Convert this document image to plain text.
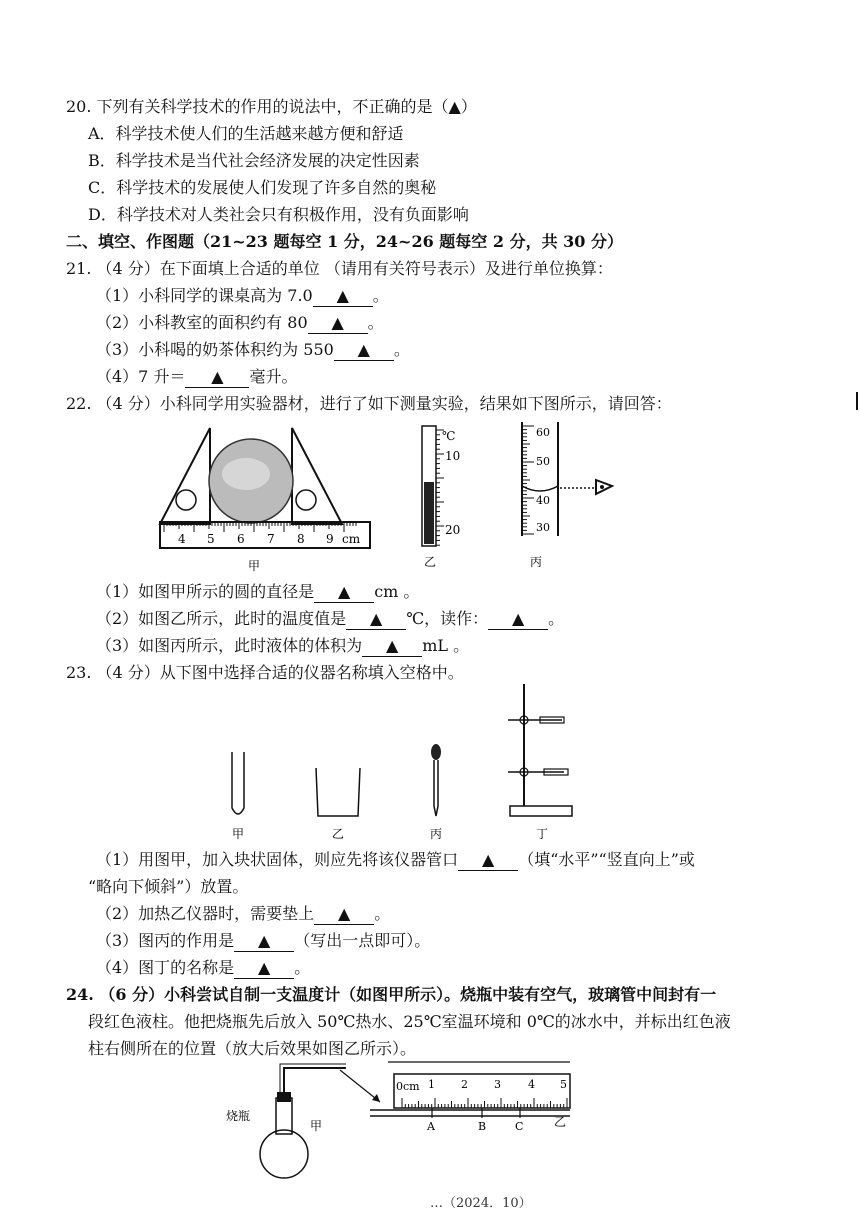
20. 下列有关科学技术的作用的说法中，不正确的是（▲）
A．科学技术使人们的生活越来越方便和舒适
B．科学技术是当代社会经济发展的决定性因素
C．科学技术的发展使人们发现了许多自然的奥秘
D．科学技术对人类社会只有积极作用，没有负面影响
二、填空、作图题（21~23 题每空 1 分，24~26 题每空 2 分，共 30 分）
21. （4 分）在下面填上合适的单位 （请用有关符号表示）及进行单位换算：
（1）小科同学的课桌高为 7.0 ▲ 。
（2）小科教室的面积约有 80 ▲ 。
（3）小科喝的奶茶体积约为 550 ▲ 。
（4）7 升＝ ▲ 毫升。
22. （4 分）小科同学用实验器材，进行了如下测量实验，结果如下图所示，请回答：
4 5 6 7 8 9 cm
甲
℃
10
20
乙
60
50
40
30
丙
（1）如图甲所示的圆的直径是 ▲ cm 。
（2）如图乙所示，此时的温度值是 ▲ ℃，读作： ▲ 。
（3）如图丙所示，此时液体的体积为 ▲ mL 。
23. （4 分）从下图中选择合适的仪器名称填入空格中。
甲	乙	丙	丁
（1）用图甲，加入块状固体，则应先将该仪器管口 ▲ （填“水平”“竖直向上”或
“略向下倾斜”）放置。
（2）加热乙仪器时，需要垫上 ▲ 。
（3）图丙的作用是 ▲ （写出一点即可）。
（4）图丁的名称是 ▲ 。
24. （6 分）小科尝试自制一支温度计（如图甲所示）。烧瓶中装有空气，玻璃管中间封有一
段红色液柱。他把烧瓶先后放入 50℃热水、25℃室温环境和 0℃的冰水中，并标出红色液
柱右侧所在的位置（放大后效果如图乙所示）。
烧瓶
甲
0cm 1 2 3 4 5
A	B	C	乙
…（2024．10）
